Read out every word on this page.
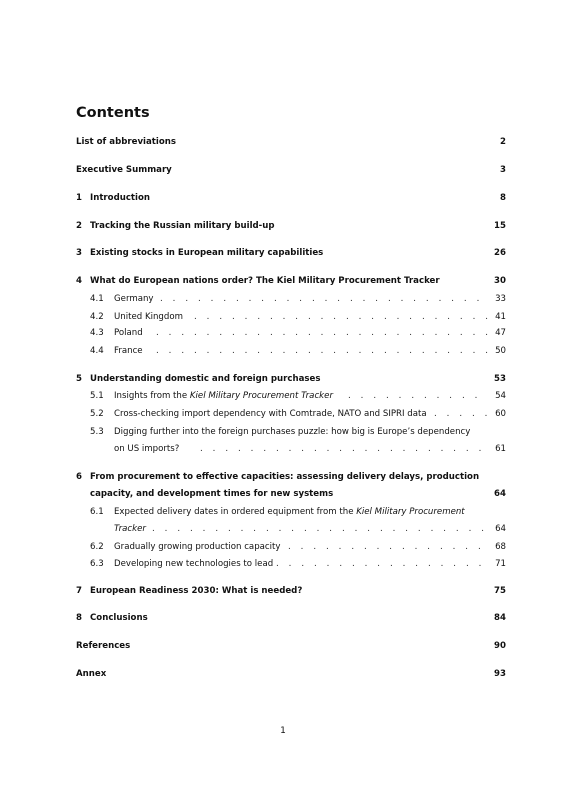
Contents
List of abbreviations	2
Executive Summary	3
1 Introduction	8
2 Tracking the Russian military build-up	15
3 Existing stocks in European military capabilities	26
4 What do European nations order? The Kiel Military Procurement Tracker	30
4.1 Germany . . .	33
4.2 United Kingdom . . .	41
4.3 Poland . . .	47
4.4 France . . .	50
5 Understanding domestic and foreign purchases	53
5.1 Insights from the Kiel Military Procurement Tracker . . .	54
5.2 Cross-checking import dependency with Comtrade, NATO and SIPRI data . . .	60
5.3 Digging further into the foreign purchases puzzle: how big is Europe’s dependency
on US imports? . . .	61
6 From procurement to effective capacities: assessing delivery delays, production
capacity, and development times for new systems	64
6.1 Expected delivery dates in ordered equipment from the Kiel Military Procurement
Tracker . . .	64
6.2 Gradually growing production capacity . . .	68
6.3 Developing new technologies to lead . . .	71
7 European Readiness 2030: What is needed?	75
8 Conclusions	84
References	90
Annex	93
1
